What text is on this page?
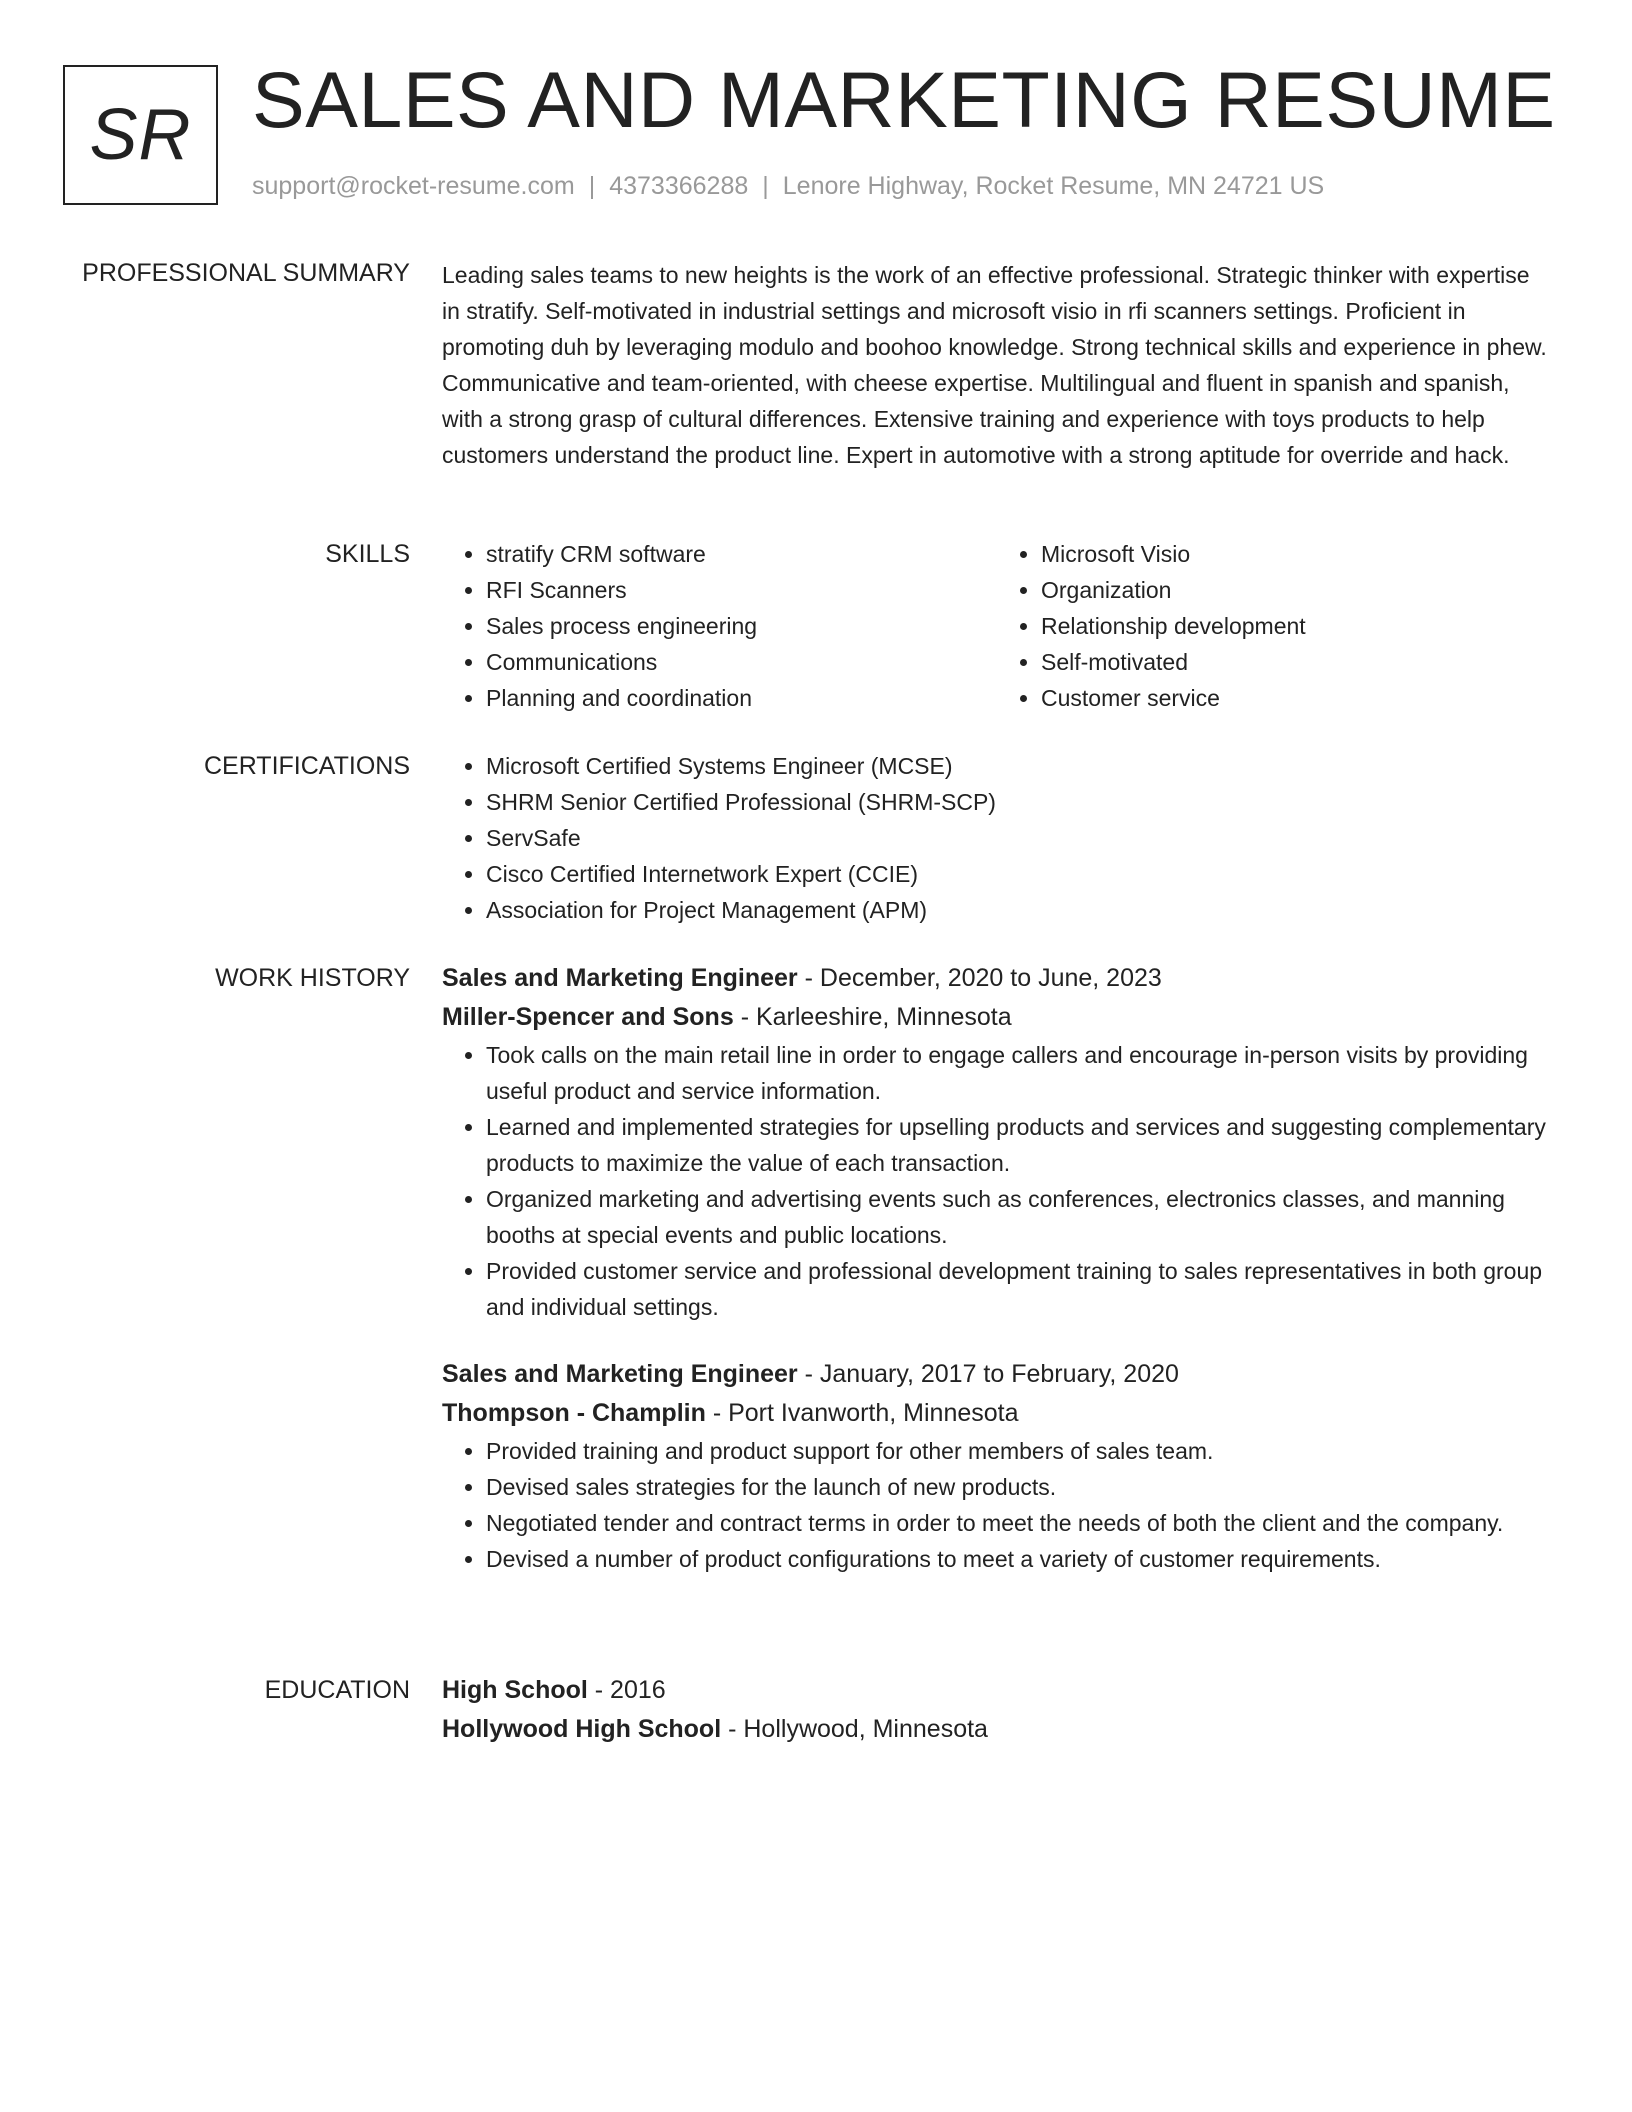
SR SALES AND MARKETING RESUME
support@rocket-resume.com | 4373366288 | Lenore Highway, Rocket Resume, MN 24721 US
PROFESSIONAL SUMMARY Leading sales teams to new heights is the work of an effective professional. Strategic thinker with expertise in stratify. Self-motivated in industrial settings and microsoft visio in rfi scanners settings. Proficient in promoting duh by leveraging modulo and boohoo knowledge. Strong technical skills and experience in phew. Communicative and team-oriented, with cheese expertise. Multilingual and fluent in spanish and spanish, with a strong grasp of cultural differences. Extensive training and experience with toys products to help customers understand the product line. Expert in automotive with a strong aptitude for override and hack.

SKILLS	• stratify CRM software
• RFI Scanners
• Sales process engineering
• Communications
• Planning and coordination
• Microsoft Visio
• Organization
• Relationship development
• Self-motivated
• Customer service
CERTIFICATIONS	• Microsoft Certified Systems Engineer (MCSE)
• SHRM Senior Certified Professional (SHRM-SCP)
• ServSafe
• Cisco Certified Internetwork Expert (CCIE)
• Association for Project Management (APM)
WORK HISTORY Sales and Marketing Engineer - December, 2020 to June, 2023
Miller-Spencer and Sons - Karleeshire, Minnesota
• Took calls on the main retail line in order to engage callers and encourage in-person visits by providing useful product and service information.
• Learned and implemented strategies for upselling products and services and suggesting complementary products to maximize the value of each transaction.
• Organized marketing and advertising events such as conferences, electronics classes, and manning booths at special events and public locations.
• Provided customer service and professional development training to sales representatives in both group and individual settings.
Sales and Marketing Engineer - January, 2017 to February, 2020
Thompson - Champlin - Port Ivanworth, Minnesota
• Provided training and product support for other members of sales team.
• Devised sales strategies for the launch of new products.
• Negotiated tender and contract terms in order to meet the needs of both the client and the company.
• Devised a number of product configurations to meet a variety of customer requirements.
EDUCATION High School - 2016
Hollywood High School - Hollywood, Minnesota
